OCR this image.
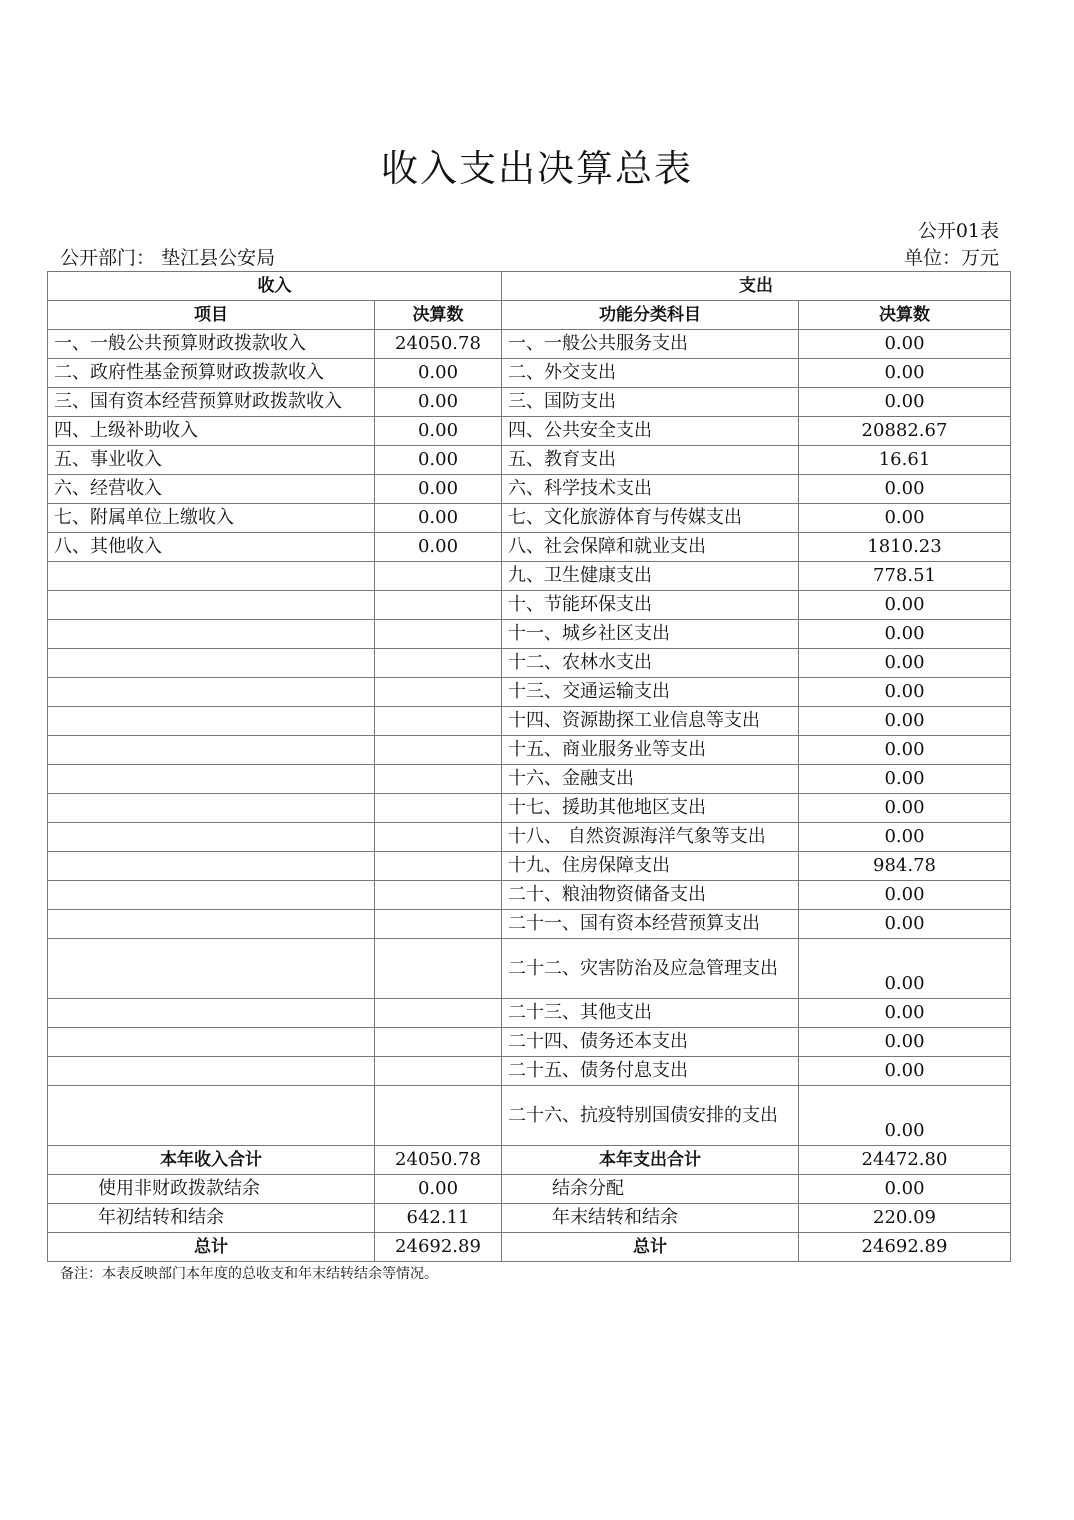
收入支出决算总表
公开01表
公开部门： 垫江县公安局	单位：万元
收入		支出	
项目	决算数	功能分类科目	决算数
一、一般公共预算财政拨款收入	24050.78	一、一般公共服务支出	0.00
二、政府性基金预算财政拨款收入	0.00	二、外交支出	0.00
三、国有资本经营预算财政拨款收入	0.00	三、国防支出	0.00
四、上级补助收入	0.00	四、公共安全支出	20882.67
五、事业收入	0.00	五、教育支出	16.61
六、经营收入	0.00	六、科学技术支出	0.00
七、附属单位上缴收入	0.00	七、文化旅游体育与传媒支出	0.00
八、其他收入	0.00	八、社会保障和就业支出	1810.23
		九、卫生健康支出	778.51
		十、节能环保支出	0.00
		十一、城乡社区支出	0.00
		十二、农林水支出	0.00
		十三、交通运输支出	0.00
		十四、资源勘探工业信息等支出	0.00
		十五、商业服务业等支出	0.00
		十六、金融支出	0.00
		十七、援助其他地区支出	0.00
		十八、 自然资源海洋气象等支出	0.00
		十九、住房保障支出	984.78
		二十、粮油物资储备支出	0.00
		二十一、国有资本经营预算支出	0.00
		二十二、灾害防治及应急管理支出	0.00
		二十三、其他支出	0.00
		二十四、债务还本支出	0.00
		二十五、债务付息支出	0.00
		二十六、抗疫特别国债安排的支出	0.00
本年收入合计	24050.78	本年支出合计	24472.80
使用非财政拨款结余	0.00	结余分配	0.00
年初结转和结余	642.11	年末结转和结余	220.09
总计	24692.89	总计	24692.89
备注：本表反映部门本年度的总收支和年末结转结余等情况。
